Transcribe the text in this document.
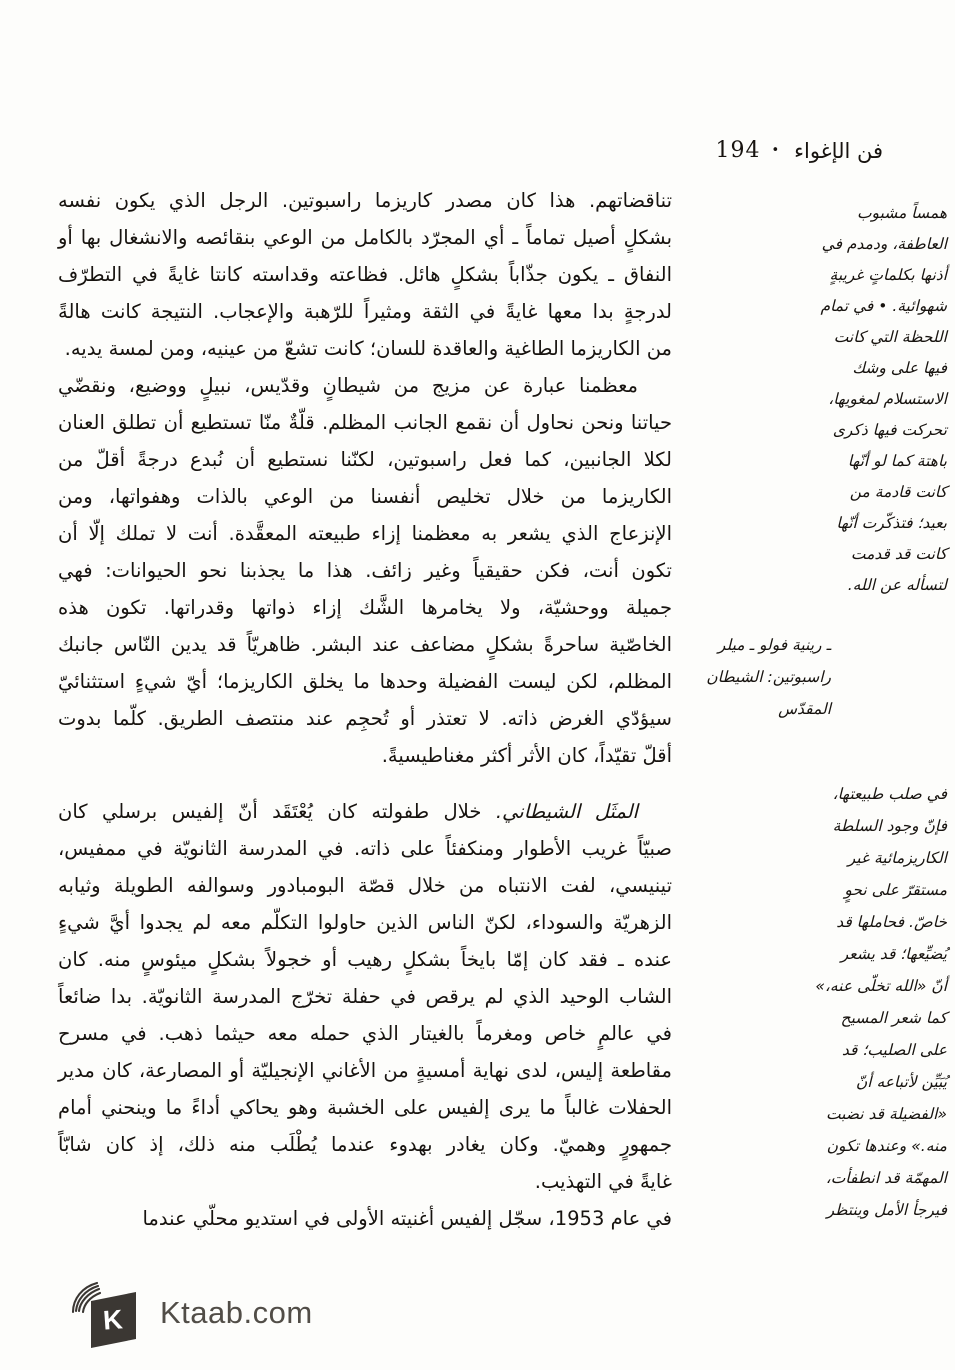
فن الإغواء
•
194
تناقضاتهم. هذا كان مصدر كاريزما راسبوتين. الرجل الذي يكون نفسه
بشكلٍ أصيل تماماً ـ أي المجرّد بالكامل من الوعي بنقائصه والانشغال بها أو
النفاق ـ يكون جذّاباً بشكلٍ هائل. فظاعته وقداسته كانتا غايةً في التطرّف
لدرجةٍ بدا معها غايةً في الثقة ومثيراً للرّهبة والإعجاب. النتيجة كانت هالةً
من الكاريزما الطاغية والعاقدة للسان؛ كانت تشعّ من عينيه، ومن لمسة يديه.
معظمنا عبارة عن مزيج من شيطانٍ وقدّيس، نبيلٍ ووضيع، ونقضّي
حياتنا ونحن نحاول أن نقمع الجانب المظلم. قلّةٌ منّا تستطيع أن تطلق العنان
لكلا الجانبين، كما فعل راسبوتين، لكنّنا نستطيع أن نُبدع درجةً أقلّ من
الكاريزما من خلال تخليص أنفسنا من الوعي بالذات وهفواتها، ومن
الإنزعاج الذي يشعر به معظمنا إزاء طبيعته المعقَّدة. أنت لا تملك إلّا أن
تكون أنت، فكن حقيقياً وغير زائف. هذا ما يجذبنا نحو الحيوانات: فهي
جميلة ووحشيّة، ولا يخامرها الشَّك إزاء ذواتها وقدراتها. تكون هذه
الخاصّية ساحرةً بشكلٍ مضاعف عند البشر. ظاهريّاً قد يدين النّاس جانبك
المظلم، لكن ليست الفضيلة وحدها ما يخلق الكاريزما؛ أيّ شيءٍ استثنائيّ
سيؤدّي الغرض ذاته. لا تعتذر أو تُحجِم عند منتصف الطريق. كلّما بدوت
أقلّ تقيّداً، كان الأثر أكثر مغناطيسيةً.
المثَل الشيطاني. خلال طفولته كان يُعْتَقَد أنّ إلفيس برسلي كان
صبيّاً غريب الأطوار ومنكفئاً على ذاته. في المدرسة الثانويّة في ممفيس،
تينيسي، لفت الانتباه من خلال قصّة البومبادور وسوالفه الطويلة وثيابه
الزهريّة والسوداء، لكنّ الناس الذين حاولوا التكلّم معه لم يجدوا أيَّ شيءٍ
عنده ـ فقد كان إمّا بايخاً بشكلٍ رهيب أو خجولاً بشكلٍ ميئوسٍ منه. كان
الشاب الوحيد الذي لم يرقص في حفلة تخرّج المدرسة الثانويّة. بدا ضائعاً
في عالمٍ خاص ومغرماً بالغيتار الذي حمله معه حيثما ذهب. في مسرح
مقاطعة إليس، لدى نهاية أمسيةٍ من الأغاني الإنجيليّة أو المصارعة، كان مدير
الحفلات غالباً ما يرى إلفيس على الخشبة وهو يحاكي أداءً ما وينحني أمام
جمهورٍ وهميّ. وكان يغادر بهدوء عندما يُطْلَب منه ذلك، إذ كان شابّاً
غايةً في التهذيب.
في عام 1953، سجّل إلفيس أغنيته الأولى في استديو محلّي عندما
همساً مشبوب
العاطفة، ودمدم في
أذنها بكلماتٍ غريبةٍ
شهوائية. • في تمام
اللحظة التي كانت
فيها على وشك
الاستسلام لمغويها،
تحركت فيها ذكرى
باهتة كما لو أنّها
كانت قادمة من
بعيد؛ فتذكّرت أنّها
كانت قد قدمت
لتسأله عن الله.
ـ رينية فولو ـ ميلر
راسبوتين: الشيطان
المقدّس
في صلب طبيعتها،
فإنّ وجود السلطة
الكاريزمائية غير
مستقرّ على نحوٍ
خاصّ. فحاملها قد
يُضيِّعها؛ قد يشعر
أنّ «الله تخلّى عنه،»
كما شعر المسيح
على الصليب؛ قد
يُبَيِّن لأتباعه أنّ
«الفضيلة قد نضبت
منه.» وعندها تكون
المهمّة قد انطفأت،
فيرجأ الأمل وينتظر
K Ktaab.com
